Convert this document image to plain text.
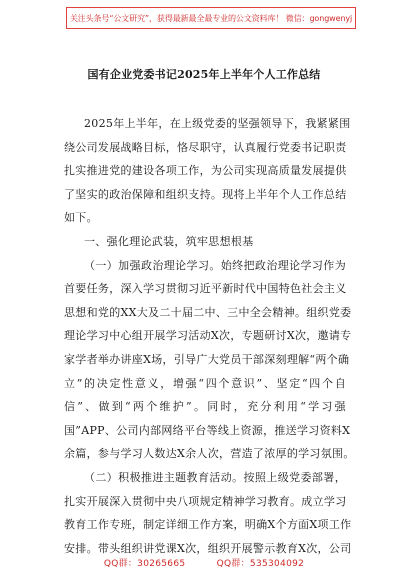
关注头条号“公文研究”，获得最新最全最专业的公文资料库！ 微信：gongwenyj
国有企业党委书记2025年上半年个人工作总结
2025年上半年，在上级党委的坚强领导下，我紧紧围
绕公司发展战略目标，恪尽职守，认真履行党委书记职责
扎实推进党的建设各项工作，为公司实现高质量发展提供
了坚实的政治保障和组织支持。现将上半年个人工作总结
如下。
一、强化理论武装，筑牢思想根基
（一）加强政治理论学习。始终把政治理论学习作为
首要任务，深入学习贯彻习近平新时代中国特色社会主义
思想和党的XX大及二十届二中、三中全会精神。组织党委
理论学习中心组开展学习活动X次，专题研讨X次，邀请专
家学者举办讲座X场，引导广大党员干部深刻理解“两个确
立”的决定性意义，增强“四个意识”、坚定“四个自
信”、做到“两个维护”。同时，充分利用“学习强
国”APP、公司内部网络平台等线上资源，推送学习资料X
余篇，参与学习人数达X余人次，营造了浓厚的学习氛围。
（二）积极推进主题教育活动。按照上级党委部署，
扎实开展深入贯彻中央八项规定精神学习教育。成立学习
教育工作专班，制定详细工作方案，明确X个方面X项工作
安排。带头组织讲党课X次，组织开展警示教育X次，公司
QQ群：30265665	QQ群：535304092
